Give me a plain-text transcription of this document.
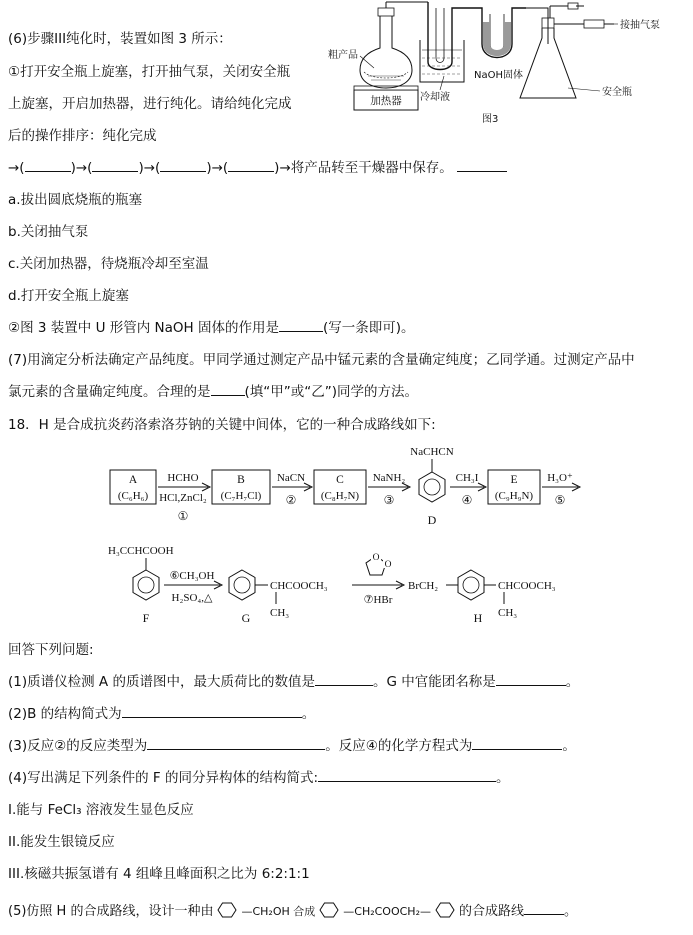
(6)步骤III纯化时，装置如图 3 所示：
①打开安全瓶上旋塞，打开抽气泵，关闭安全瓶
上旋塞，开启加热器，进行纯化。请给纯化完成
后的操作排序：纯化完成
→(	)→(	)→(	)→(	)→将产品转至干燥器中保存。
a.拔出圆底烧瓶的瓶塞
b.关闭抽气泵
c.关闭加热器，待烧瓶冷却至室温
d.打开安全瓶上旋塞
②图 3 装置中 U 形管内 NaOH 固体的作用是	(写一条即可)。
加热器
粗产品
冷却液
NaOH固体
接抽气泵
安全瓶
图3
(7)用滴定分析法确定产品纯度。甲同学通过测定产品中锰元素的含量确定纯度；乙同学通。过测定产品中
氯元素的含量确定纯度。合理的是	(填“甲”或“乙”)同学的方法。
18．H 是合成抗炎药洛索洛芬钠的关键中间体，它的一种合成路线如下:
A
(C₆H₆)
HCHO
HCl,ZnCl₂
①
B
(C₇H₇Cl)
NaCN
②
C
(C₈H₇N)
NaNH₂
③
NaCHCN
D
CH₃I
④
E
(C₉H₉N)
H₃O⁺
⑤
H₃CCHCOOH
F
⑥CH₃OH
H₂SO₄,△
CHCOOCH₃
CH₃
G
O
O
⑦HBr
BrCH₂	CHCOOCH₃
CH₃
H
回答下列问题:
(1)质谱仪检测 A 的质谱图中，最大质荷比的数值是	。G 中官能团名称是	。
(2)B 的结构简式为	。
(3)反应②的反应类型为	。反应④的化学方程式为	。
(4)写出满足下列条件的 F 的同分异构体的结构简式:	。
I.能与 FeCl₃ 溶液发生显色反应
II.能发生银镜反应
III.核磁共振氢谱有 4 组峰且峰面积之比为 6:2:1:1
(5)仿照 H 的合成路线，设计一种由	—CH₂OH 合成	—CH₂COOCH₂— 的合成路线	。
